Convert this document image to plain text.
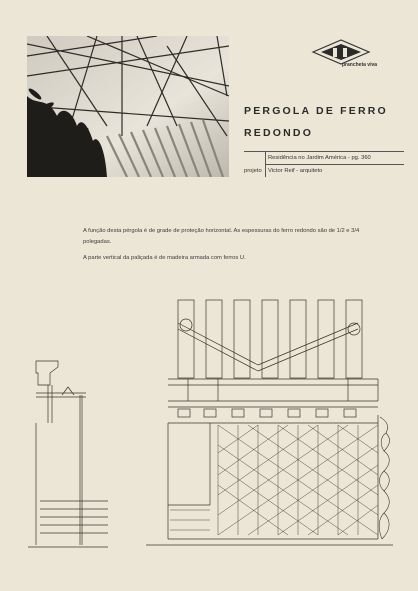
prancheta viva
PERGOLA DE FERRO
REDONDO
Residência no Jardim América - pg. 360
projeto Victor Reif - arquiteto

A função desta pérgola é de grade de proteção horizontal. As espessuras do ferro redondo são de 1/2 e 3/4 polegadas.

A parte vertical da paliçada é de madeira armada com ferros U.
